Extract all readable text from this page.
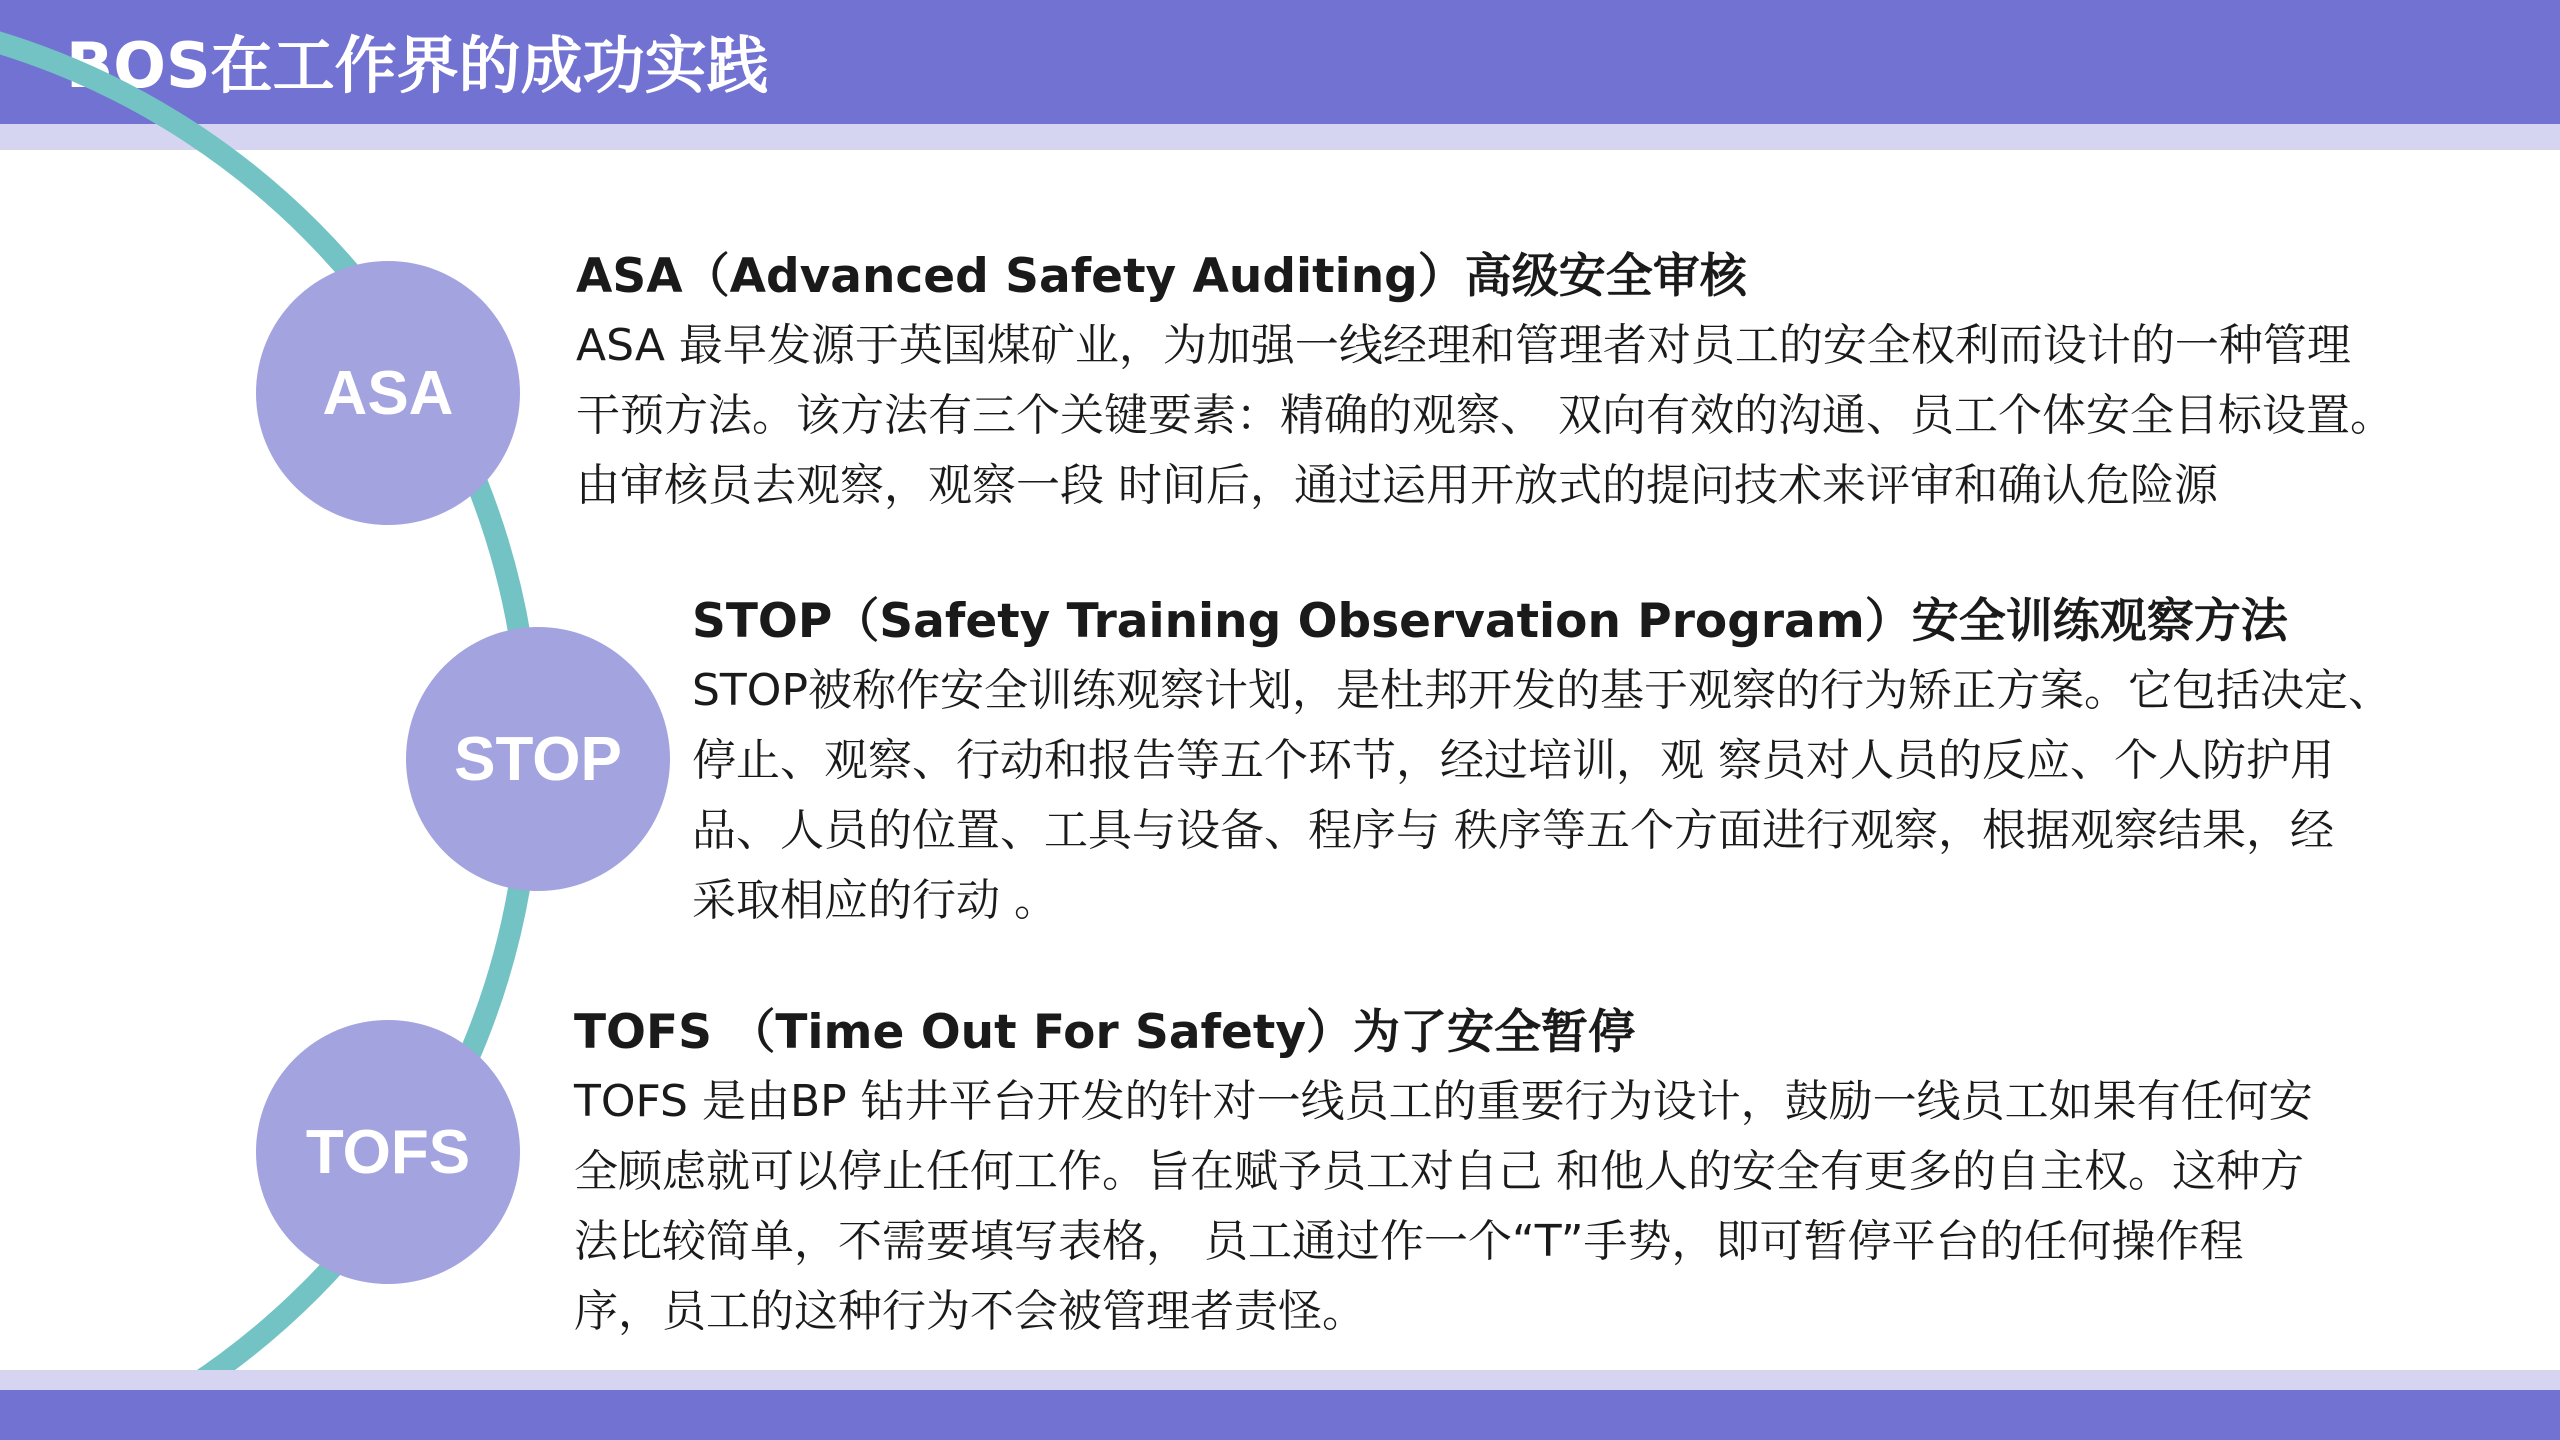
BOS在工作界的成功实践
ASA
STOP
TOFS
ASA（Advanced Safety Auditing）高级安全审核
ASA 最早发源于英国煤矿业，为加强一线经理和管理者对员工的安全权利而设计的一种管理
干预方法。该方法有三个关键要素：精确的观察、 双向有效的沟通、员工个体安全目标设置。
由审核员去观察，观察一段 时间后，通过运用开放式的提问技术来评审和确认危险源
STOP（Safety Training Observation Program）安全训练观察方法
STOP被称作安全训练观察计划，是杜邦开发的基于观察的行为矫正方案。它包括决定、
停止、观察、行动和报告等五个环节，经过培训，观 察员对人员的反应、个人防护用
品、人员的位置、工具与设备、程序与 秩序等五个方面进行观察，根据观察结果，经
采取相应的行动 。
TOFS （Time Out For Safety）为了安全暂停
TOFS 是由BP 钻井平台开发的针对一线员工的重要行为设计，鼓励一线员工如果有任何安
全顾虑就可以停止任何工作。旨在赋予员工对自己 和他人的安全有更多的自主权。这种方
法比较简单，不需要填写表格， 员工通过作一个“T”手势，即可暂停平台的任何操作程
序，员工的这种行为不会被管理者责怪。
